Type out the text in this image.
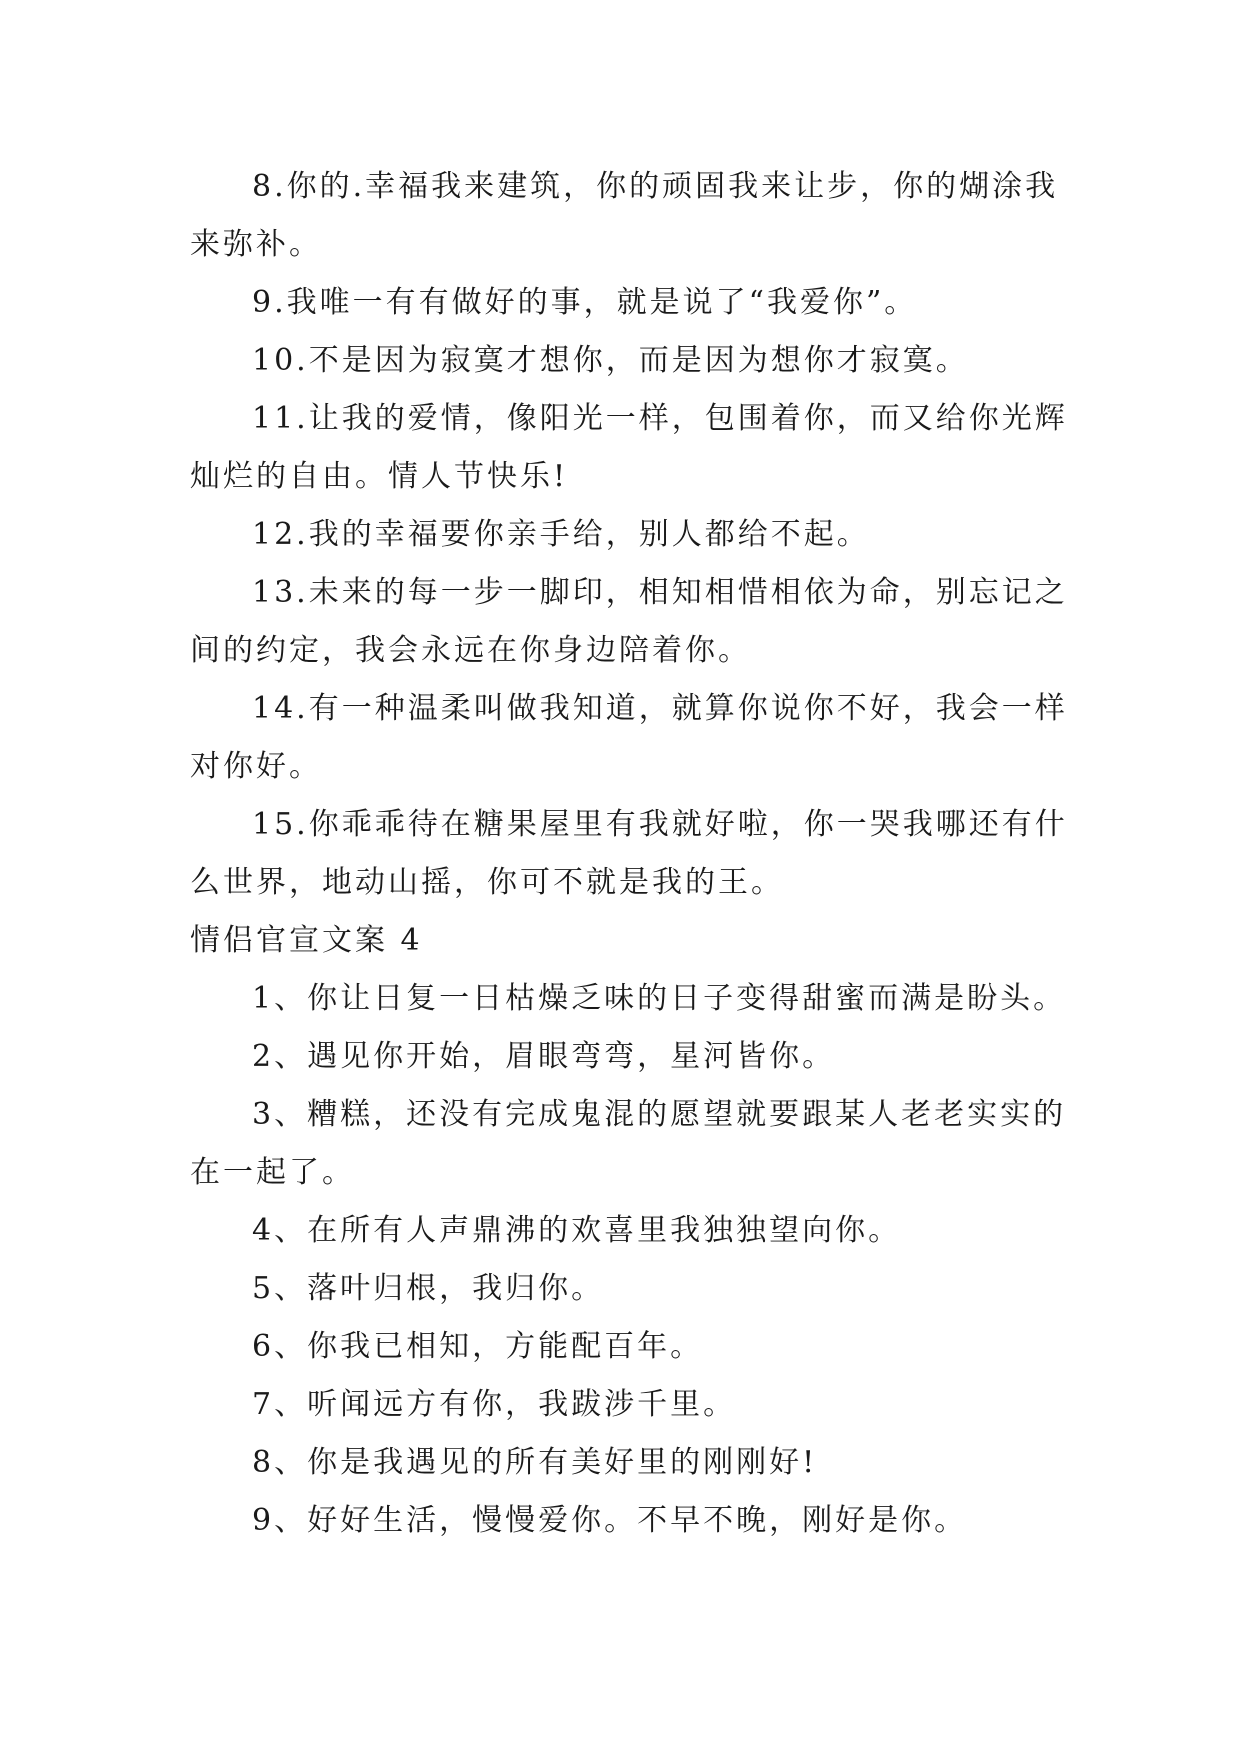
8.你的.幸福我来建筑，你的顽固我来让步，你的煳涂我来弥补。

9.我唯一有有做好的事，就是说了“我爱你”。

10.不是因为寂寞才想你，而是因为想你才寂寞。

11.让我的爱情，像阳光一样，包围着你，而又给你光辉灿烂的自由。情人节快乐!

12.我的幸福要你亲手给，别人都给不起。

13.未来的每一步一脚印，相知相惜相依为命，别忘记之间的约定，我会永远在你身边陪着你。

14.有一种温柔叫做我知道，就算你说你不好，我会一样对你好。

15.你乖乖待在糖果屋里有我就好啦，你一哭我哪还有什么世界，地动山摇，你可不就是我的王。

情侣官宣文案 4

1、你让日复一日枯燥乏味的日子变得甜蜜而满是盼头。

2、遇见你开始，眉眼弯弯，星河皆你。

3、糟糕，还没有完成鬼混的愿望就要跟某人老老实实的在一起了。

4、在所有人声鼎沸的欢喜里我独独望向你。

5、落叶归根，我归你。

6、你我已相知，方能配百年。

7、听闻远方有你，我跋涉千里。

8、你是我遇见的所有美好里的刚刚好!

9、好好生活，慢慢爱你。不早不晚，刚好是你。
